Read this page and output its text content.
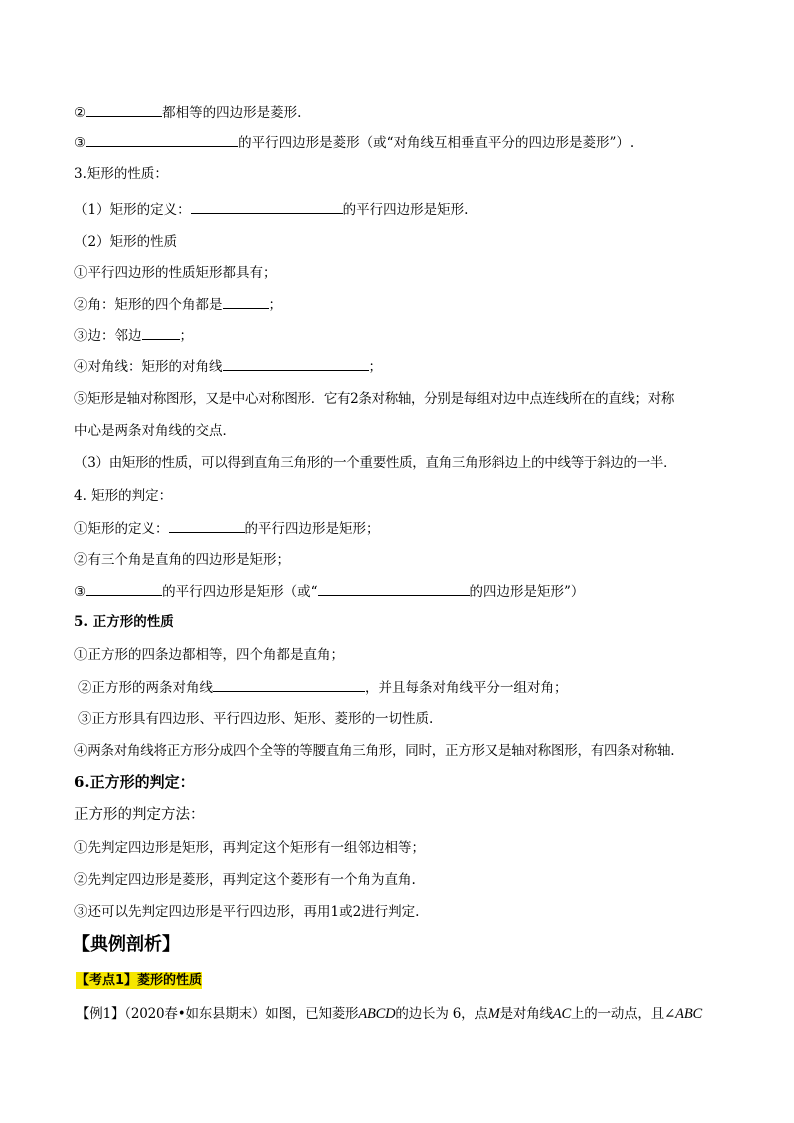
②	都相等的四边形是菱形.
③	的平行四边形是菱形（或“对角线互相垂直平分的四边形是菱形”）.
3.矩形的性质：
（1）矩形的定义：	的平行四边形是矩形.
（2）矩形的性质
①平行四边形的性质矩形都具有；
②角：矩形的四个角都是	；
③边：邻边	；
④对角线：矩形的对角线	；
⑤矩形是轴对称图形，又是中心对称图形．它有2条对称轴，分别是每组对边中点连线所在的直线；对称
中心是两条对角线的交点．
（3）由矩形的性质，可以得到直角三角形的一个重要性质，直角三角形斜边上的中线等于斜边的一半．
4. 矩形的判定：
①矩形的定义：	的平行四边形是矩形；
②有三个角是直角的四边形是矩形；
③	的平行四边形是矩形（或“	的四边形是矩形”）
5. 正方形的性质
①正方形的四条边都相等，四个角都是直角；
②正方形的两条对角线	，并且每条对角线平分一组对角；
③正方形具有四边形、平行四边形、矩形、菱形的一切性质.
④两条对角线将正方形分成四个全等的等腰直角三角形，同时，正方形又是轴对称图形，有四条对称轴.
6.正方形的判定：
正方形的判定方法：
①先判定四边形是矩形，再判定这个矩形有一组邻边相等；
②先判定四边形是菱形，再判定这个菱形有一个角为直角.
③还可以先判定四边形是平行四边形，再用1或2进行判定.
【典例剖析】
【考点1】菱形的性质
【例1】（2020春•如东县期末）如图，已知菱形ABCD的边长为 6，点M是对角线AC上的一动点，且∠ABC
